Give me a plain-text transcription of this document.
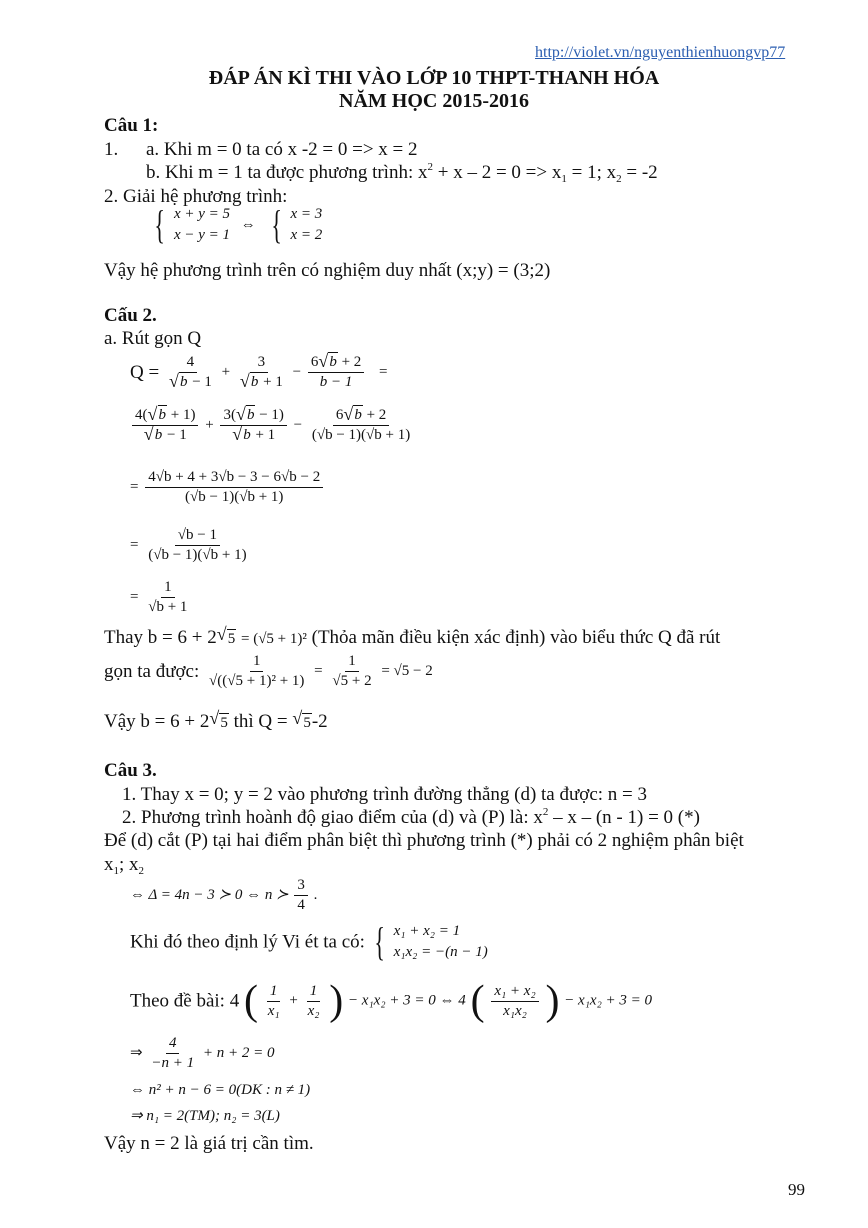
http://violet.vn/nguyenthienhuongvp77
ĐÁP ÁN KÌ THI VÀO LỚP 10 THPT-THANH HÓA
NĂM HỌC 2015-2016
Câu 1:
1. a. Khi m = 0 ta có x -2 = 0 => x = 2
b. Khi m = 1 ta được phương trình: $x^2 + x - 2 = 0 => x_1 = 1$; $x_2 = -2$
2. Giải hệ phương trình:
{ x + y = 5
x − y = 1
⇔ { x = 3
x = 2
Vậy hệ phương trình trên có nghiệm duy nhất (x;y) = (3;2)
Cấu 2.
a. Rút gọn Q
$Q = \frac{4}{√ b - 1} + \frac{3}{√ b + 1} - \frac{6 √ b + 2}{b - 1}$ =
$\frac{4( √ b + 1)}{√ b - 1} + \frac{3( √ b - 1)}{√ b + 1} - \frac{6 √ b + 2}{(√b - 1)(√b + 1)}$
= $\frac{4√b + 4 + 3√b - 3 - 6√b - 2}{(√b - 1)(√b + 1)}$
= $\frac{√b - 1}{(√b - 1)(√b + 1)}$
= $\frac{1}{√b + 1}$
Thay b = 6 + 2 √ 5 = (√5 + 1)² (Thỏa mãn điều kiện xác định) vào biểu thức Q đã rút
gọn ta được: $\frac{1}{\text{√((√5 + 1)² + 1)}} = \frac{1}{√5 + 2} = √5 - 2$
Vậy b = 6 + 2 √ 5 thì Q = √ 5-2
Câu 3.
1. Thay x = 0; y = 2 vào phương trình đường thẳng (d) ta được: n = 3
2. Phương trình hoành độ giao điểm của (d) và (P) là: $x^2 - x - (n - 1) = 0$ (*)
Để (d) cắt (P) tại hai điểm phân biệt thì phương trình (*) phải có 2 nghiệm phân biệt
$x_1$; $x_2$
⇔ Δ = 4n − 3 ≻ 0 ⇔ n ≻ $\frac{3}{4}$ .
Khi đó theo định lý Vi ét ta có: { x₁ + x₂ = 1
x₁x₂ = −(n − 1)
Theo đề bài: 4 ( $\frac{1}{\text{x₁}} + \frac{1}{\text{x₂}}$ ) − x₁x₂ + 3 = 0 ⇔ 4 ( $\frac{\text{x₁ + x₂}}{\text{x₁x₂}}$ ) − x₁x₂ + 3 = 0
⇒ $\frac{4}{-n + 1} + n + 2 = 0$
⇔ n² + n − 6 = 0(DK : n ≠ 1)
⇒ n₁ = 2(TM); n₂ = 3(L)
Vậy n = 2 là giá trị cần tìm.
99
